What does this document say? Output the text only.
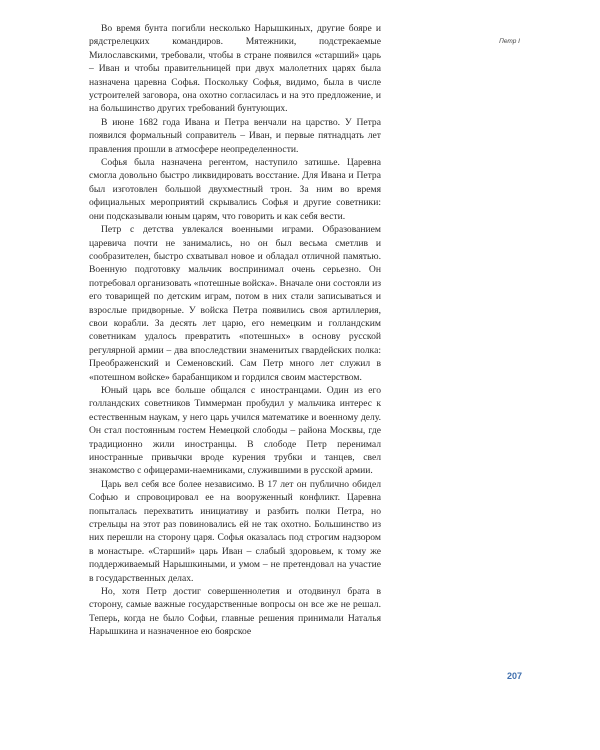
Во время бунта погибли несколько Нарышкиных, другие бояре и рядстрелецких командиров. Мятежники, подстрекаемые Милославскими, требовали, чтобы в стране появился «старший» царь – Иван и чтобы правительницей при двух малолетних царях была назначена царевна Софья. Поскольку Софья, видимо, была в числе устроителей заговора, она охотно согласилась и на это предложение, и на большинство других требований бунтующих.

В июне 1682 года Ивана и Петра венчали на царство. У Петра появился формальный соправитель – Иван, и первые пятнадцать лет правления прошли в атмосфере неопределенности.

Софья была назначена регентом, наступило затишье. Царевна смогла довольно быстро ликвидировать восстание. Для Ивана и Петра был изготовлен большой двухместный трон. За ним во время официальных мероприятий скрывались Софья и другие советники: они подсказывали юным царям, что говорить и как себя вести.

Петр с детства увлекался военными играми. Образованием царевича почти не занимались, но он был весьма сметлив и сообразителен, быстро схватывал новое и обладал отличной памятью. Военную подготовку мальчик воспринимал очень серьезно. Он потребовал организовать «потешные войска». Вначале они состояли из его товарищей по детским играм, потом в них стали записываться и взрослые придворные. У войска Петра появились своя артиллерия, свои корабли. За десять лет царю, его немецким и голландским советникам удалось превратить «потешных» в основу русской регулярной армии – два впоследствии знаменитых гвардейских полка: Преображенский и Семеновский. Сам Петр много лет служил в «потешном войске» барабанщиком и гордился своим мастерством.

Юный царь все больше общался с иностранцами. Один из его голландских советников Тиммерман пробудил у мальчика интерес к естественным наукам, у него царь учился математике и военному делу. Он стал постоянным гостем Немецкой слободы – района Москвы, где традиционно жили иностранцы. В слободе Петр перенимал иностранные привычки вроде курения трубки и танцев, свел знакомство с офицерами-наемниками, служившими в русской армии.

Царь вел себя все более независимо. В 17 лет он публично обидел Софью и спровоцировал ее на вооруженный конфликт. Царевна попыталась перехватить инициативу и разбить полки Петра, но стрельцы на этот раз повиновались ей не так охотно. Большинство из них перешли на сторону царя. Софья оказалась под строгим надзором в монастыре. «Старший» царь Иван – слабый здоровьем, к тому же поддерживаемый Нарышкиными, и умом – не претендовал на участие в государственных делах.

Но, хотя Петр достиг совершеннолетия и отодвинул брата в сторону, самые важные государственные вопросы он все же не решал. Теперь, когда не было Софьи, главные решения принимали Наталья Нарышкина и назначенное ею боярское

Петр I
207
